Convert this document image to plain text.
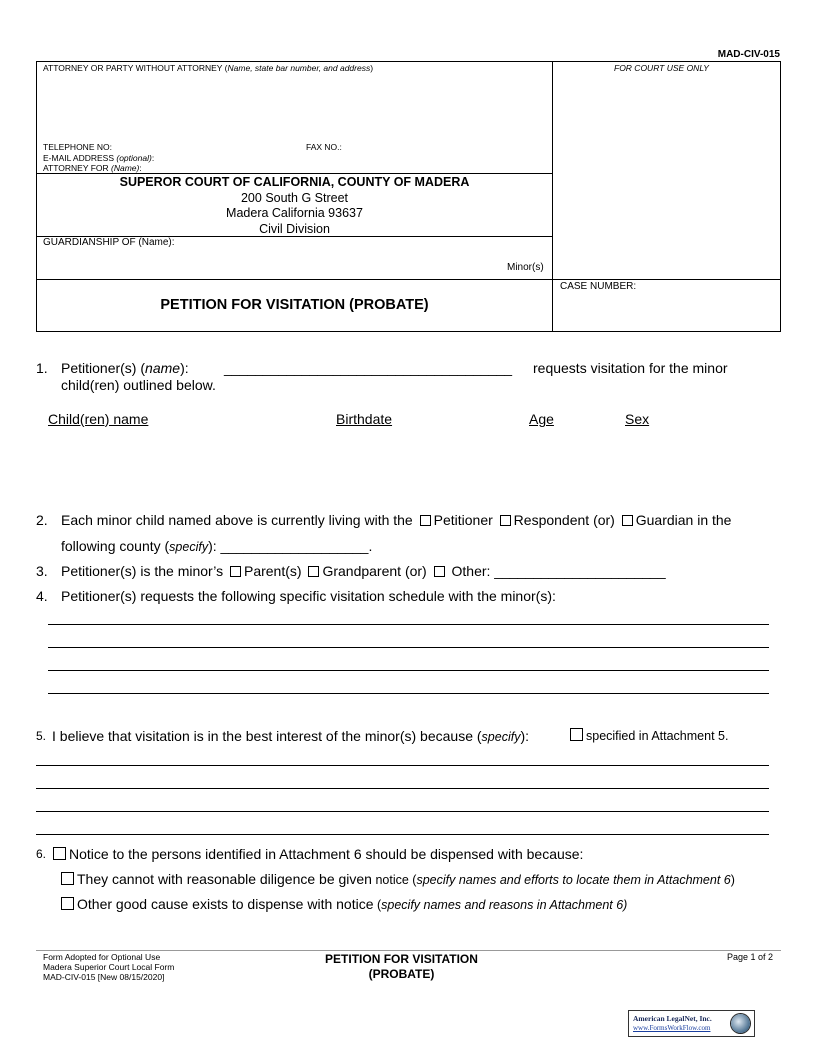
MAD-CIV-015
ATTORNEY OR PARTY WITHOUT ATTORNEY (Name, state bar number, and address)	FOR COURT USE ONLY
TELEPHONE NO:	FAX NO.:
E-MAIL ADDRESS (optional):
ATTORNEY FOR (Name):
SUPEROR COURT OF CALIFORNIA, COUNTY OF MADERA
200 South G Street
Madera California 93637
Civil Division
GUARDIANSHIP OF (Name):
Minor(s)
CASE NUMBER:
PETITION FOR VISITATION (PROBATE)
1. Petitioner(s) (name):	_____________________________________ requests visitation for the minor
child(ren) outlined below.
Child(ren) name	Birthdate	Age	Sex
2. Each minor child named above is currently living with the Petitioner Respondent (or) Guardian in the
following county (specify): ___________________.
3. Petitioner(s) is the minor’s Parent(s) Grandparent (or) Other: ______________________
4. Petitioner(s) requests the following specific visitation schedule with the minor(s):
5. I believe that visitation is in the best interest of the minor(s) because (specify):	specified in Attachment 5.
6.	Notice to the persons identified in Attachment 6 should be dispensed with because:
They cannot with reasonable diligence be given notice (specify names and efforts to locate them in Attachment 6)
Other good cause exists to dispense with notice (specify names and reasons in Attachment 6)
Form Adopted for Optional Use
Madera Superior Court Local Form
MAD-CIV-015 [New 08/15/2020]
PETITION FOR VISITATION
(PROBATE)
Page 1 of 2
American LegalNet, Inc.
www.FormsWorkFlow.com
